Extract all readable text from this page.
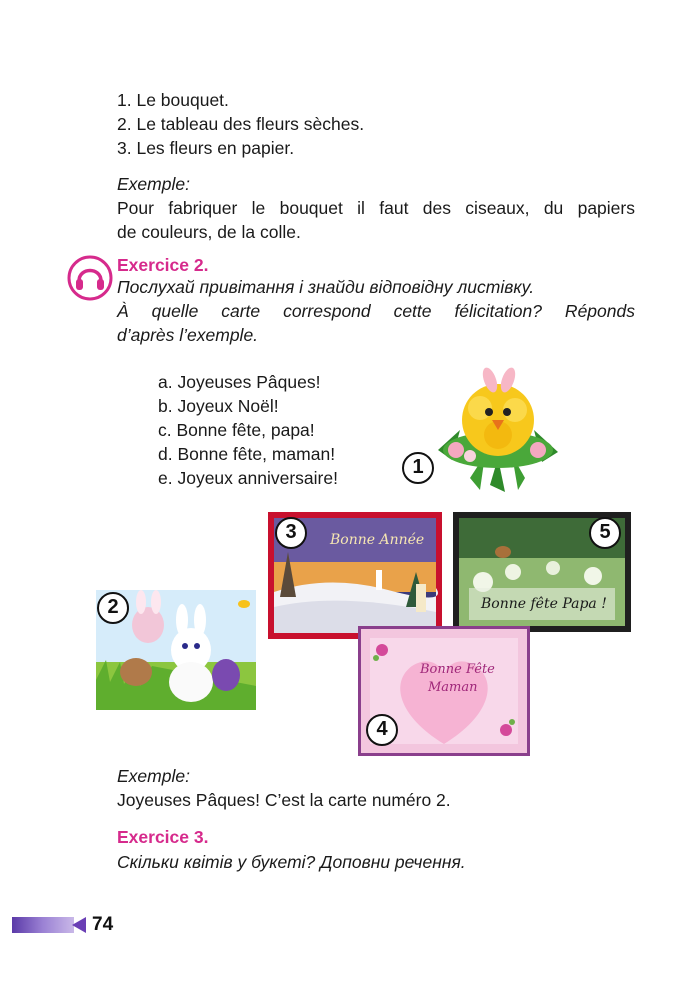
1. Le bouquet.
2. Le tableau des fleurs sèches.
3. Les fleurs en papier.
Exemple:
Pour fabriquer le bouquet il faut des ciseaux, du papiers
de couleurs, de la colle.
Exercice 2.
Послухай привітання і знайди відповідну листівку.
À quelle carte correspond cette félicitation? Réponds
d’après l’exemple.
a. Joyeuses Pâques!
b. Joyeux Noël!
c. Bonne fête, papa!
d. Bonne fête, maman!
e. Joyeux anniversaire!	1
Bonne Année
3
Bonne fête Papa !
5
2
Bonne Fête
Maman
4
Exemple:
Joyeuses Pâques! C’est la carte numéro 2.
Exercice 3.
Скільки квітів у букеті? Доповни речення.
74
